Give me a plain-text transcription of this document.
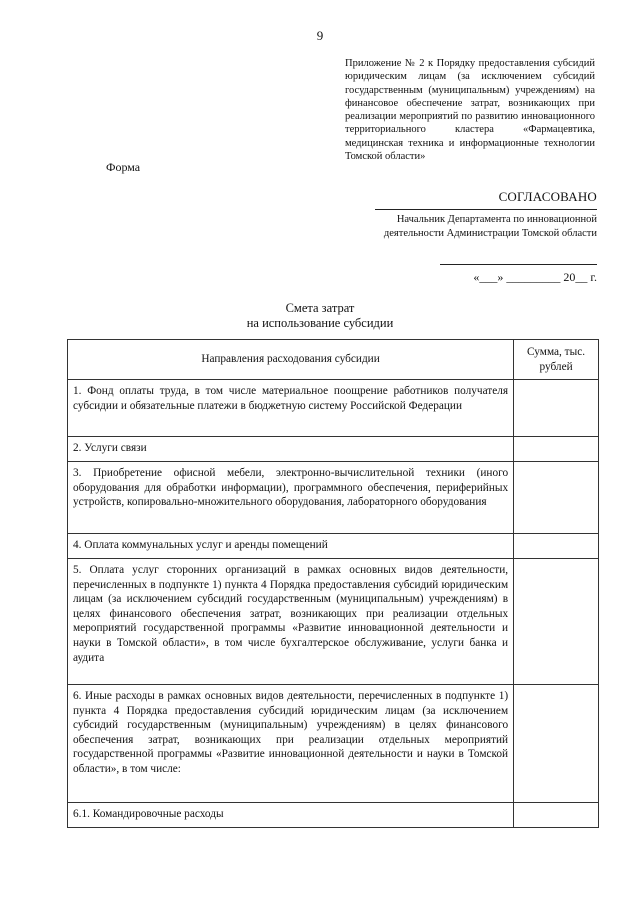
9
Приложение № 2 к Порядку предоставления субсидий юридическим лицам (за исключением субсидий государственным (муниципальным) учреждениям) на финансовое обеспечение затрат, возникающих при реализации мероприятий по развитию инновационного территориального кластера «Фармацевтика, медицинская техника и информационные технологии Томской области»
Форма
СОГЛАСОВАНО
Начальник Департамента по инновационной
деятельности Администрации Томской области
«___» _________ 20__ г.
Смета затрат
на использование субсидии
Направления расходования субсидии	Сумма, тыс. рублей
1. Фонд оплаты труда, в том числе материальное поощрение работников получателя субсидии и обязательные платежи в бюджетную систему Российской Федерации	
2. Услуги связи	
3. Приобретение офисной мебели, электронно-вычислительной техники (иного оборудования для обработки информации), программного обеспечения, периферийных устройств, копировально-множительного оборудования, лабораторного оборудования	
4. Оплата коммунальных услуг и аренды помещений	
5. Оплата услуг сторонних организаций в рамках основных видов деятельности, перечисленных в подпункте 1) пункта 4 Порядка предоставления субсидий юридическим лицам (за исключением субсидий государственным (муниципальным) учреждениям) в целях финансового обеспечения затрат, возникающих при реализации отдельных мероприятий государственной программы «Развитие инновационной деятельности и науки в Томской области», в том числе бухгалтерское обслуживание, услуги банка и аудита	
6. Иные расходы в рамках основных видов деятельности, перечисленных в подпункте 1) пункта 4 Порядка предоставления субсидий юридическим лицам (за исключением субсидий государственным (муниципальным) учреждениям) в целях финансового обеспечения затрат, возникающих при реализации отдельных мероприятий государственной программы «Развитие инновационной деятельности и науки в Томской области», в том числе:	
6.1. Командировочные расходы	
